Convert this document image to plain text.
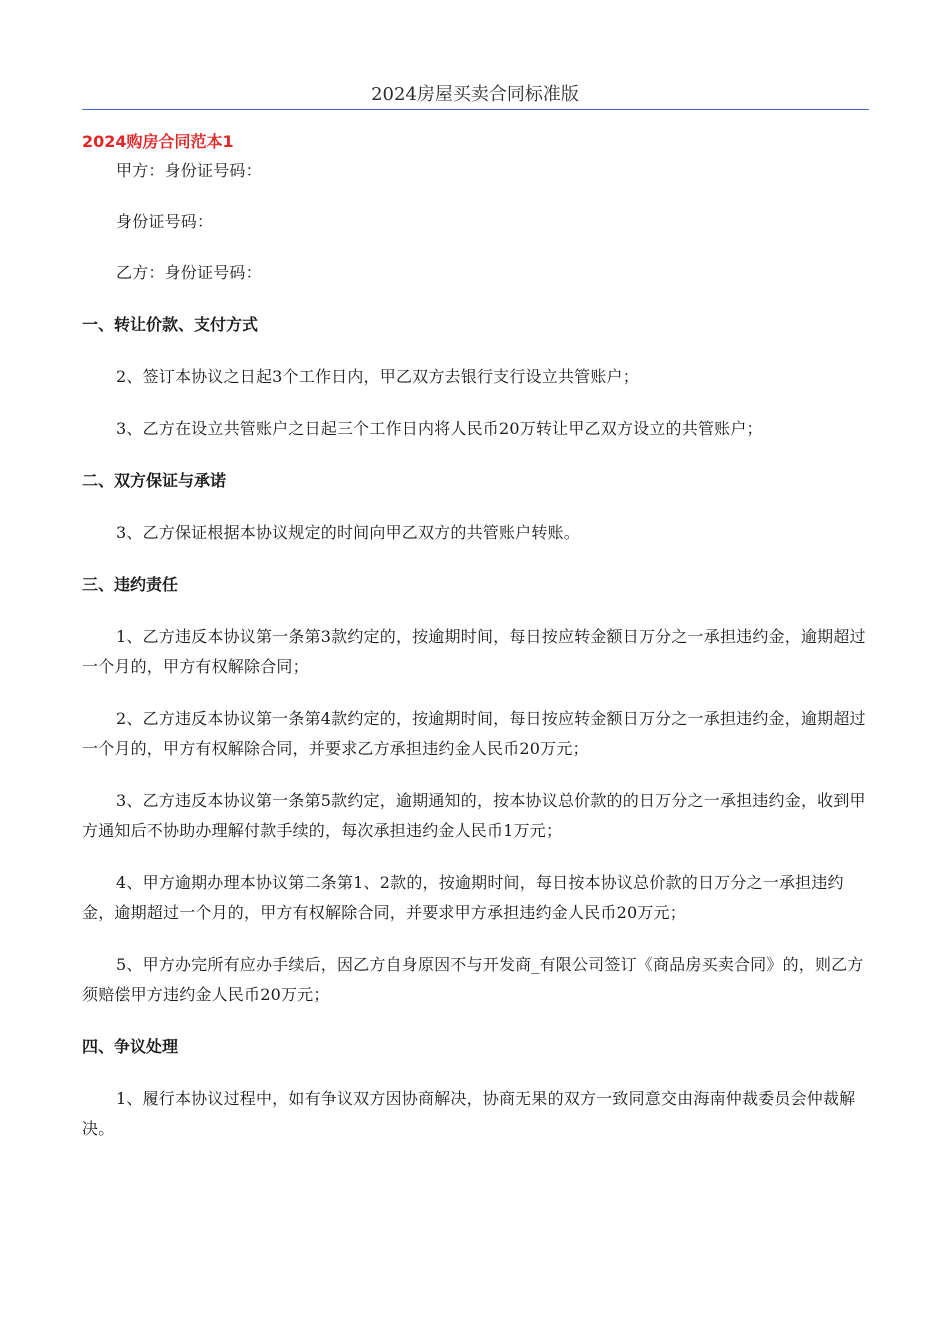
2024房屋买卖合同标准版

2024购房合同范本1

甲方：身份证号码：

身份证号码：

乙方：身份证号码：

一、转让价款、支付方式

2、签订本协议之日起3个工作日内，甲乙双方去银行支行设立共管账户；

3、乙方在设立共管账户之日起三个工作日内将人民币20万转让甲乙双方设立的共管账户；

二、双方保证与承诺

3、乙方保证根据本协议规定的时间向甲乙双方的共管账户转账。

三、违约责任

1、乙方违反本协议第一条第3款约定的，按逾期时间，每日按应转金额日万分之一承担违约金，逾期超过一个月的，甲方有权解除合同；

2、乙方违反本协议第一条第4款约定的，按逾期时间，每日按应转金额日万分之一承担违约金，逾期超过一个月的，甲方有权解除合同，并要求乙方承担违约金人民币20万元；

3、乙方违反本协议第一条第5款约定，逾期通知的，按本协议总价款的的日万分之一承担违约金，收到甲方通知后不协助办理解付款手续的，每次承担违约金人民币1万元；

4、甲方逾期办理本协议第二条第1、2款的，按逾期时间，每日按本协议总价款的日万分之一承担违约金，逾期超过一个月的，甲方有权解除合同，并要求甲方承担违约金人民币20万元；

5、甲方办完所有应办手续后，因乙方自身原因不与开发商_有限公司签订《商品房买卖合同》的，则乙方须赔偿甲方违约金人民币20万元；

四、争议处理

1、履行本协议过程中，如有争议双方因协商解决，协商无果的双方一致同意交由海南仲裁委员会仲裁解决。
